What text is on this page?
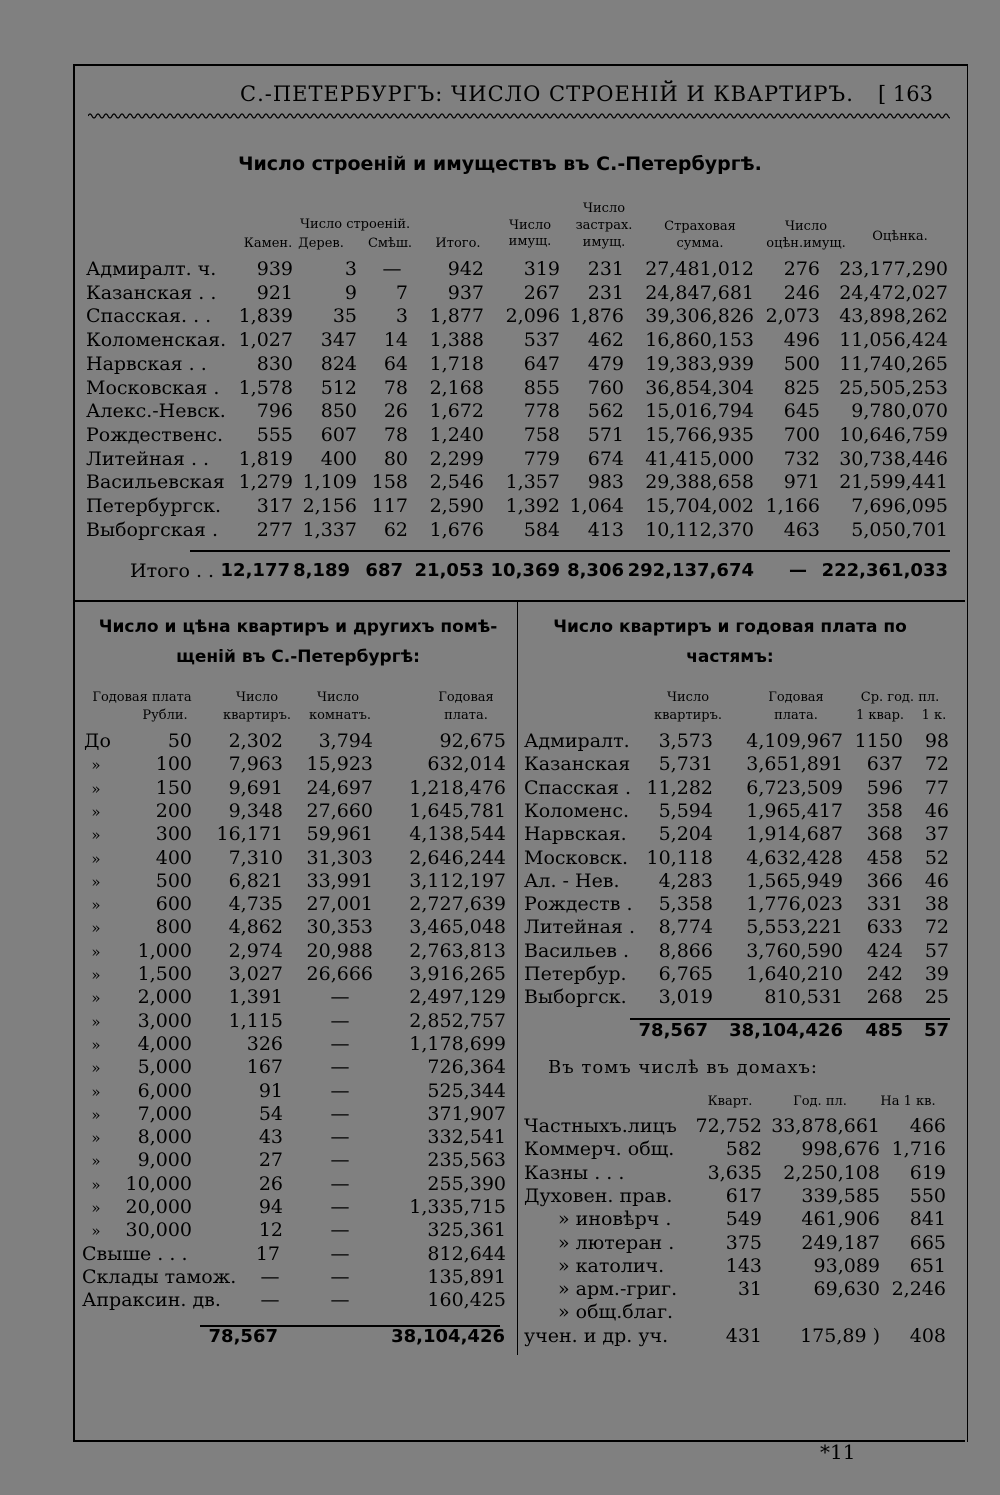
С.-ПЕТЕРБУРГЪ: ЧИСЛО СТРОЕНIЙ И КВАРТИРЪ. [ 163
Число строенiй и имуществъ въ С.-Петербургѣ.
Число строенiй.
Камен. Дерев.	Смѣш.	Итого.
Число имущ.
Число застрах. имущ.
Страховая сумма.
Число оцѣн.имущ.	Оцѣнка.
Адмиралт. ч.	939	3	—	942	319	231	27,481,012	276	23,177,290
Казанская . .	921	9	7	937	267	231	24,847,681	246	24,472,027
Спасская. . .	1,839	35	3	1,877	2,096 1,876	39,306,826 2,073	43,898,262
Коломенская. 1,027	347	14	1,388	537	462	16,860,153	496	11,056,424
Нарвская . .	830	824	64	1,718	647	479	19,383,939	500	11,740,265
Московская .	1,578	512	78	2,168	855	760	36,854,304	825	25,505,253
Алекс.-Невск.	796	850	26	1,672	778	562	15,016,794	645	9,780,070
Рождественс.	555	607	78	1,240	758	571	15,766,935	700	10,646,759
Литейная . .	1,819	400	80	2,299	779	674	41,415,000	732	30,738,446
Васильевская 1,279 1,109 158	2,546	1,357	983	29,388,658	971	21,599,441
Петербургск.	317 2,156 117	2,590	1,392 1,064	15,704,002 1,166	7,696,095
Выборгская .	277 1,337	62	1,676	584	413	10,112,370	463	5,050,701
Итого . . 12,177 8,189 687 21,053 10,369 8,306 292,137,674	— 222,361,033
Число и цѣна квартиръ и другихъ помѣ-
щенiй въ С.-Петербургѣ:
Число квартиръ и годовая плата по
частямъ:
Годовая плата
Рубли.
Число
квартиръ.
Число
комнатъ.
Годовая
плата.
До	50	2,302	3,794	92,675
»	100	7,963	15,923	632,014
»	150	9,691	24,697	1,218,476
»	200	9,348	27,660	1,645,781
»	300	16,171	59,961	4,138,544
»	400	7,310	31,303	2,646,244
»	500	6,821	33,991	3,112,197
»	600	4,735	27,001	2,727,639
»	800	4,862	30,353	3,465,048
»	1,000	2,974	20,988	2,763,813
»	1,500	3,027	26,666	3,916,265
»	2,000	1,391	—	2,497,129
»	3,000	1,115	—	2,852,757
»	4,000	326	—	1,178,699
»	5,000	167	—	726,364
»	6,000	91	—	525,344
»	7,000	54	—	371,907
»	8,000	43	—	332,541
»	9,000	27	—	235,563
»	10,000	26	—	255,390
»	20,000	94	—	1,335,715
»	30,000	12	—	325,361
Свыше . . .	17	—	812,644
Склады тамож. —	—	135,891
Апраксин. дв. —	—	160,425
78,567	38,104,426
Число
квартиръ.
Годовая
плата.
Ср. год. пл.
1 квар.	1 к.
Адмиралт.	3,573	4,109,967 1150	98
Казанская	5,731	3,651,891	637	72
Спасская . 11,282	6,723,509	596	77
Коломенс.	5,594	1,965,417	358	46
Нарвская.	5,204	1,914,687	368	37
Московск. 10,118	4,632,428	458	52
Ал. - Нев.	4,283	1,565,949	366	46
Рождеств .	5,358	1,776,023	331	38
Литейная .	8,774	5,553,221	633	72
Васильев .	8,866	3,760,590	424	57
Петербур.	6,765	1,640,210	242	39
Выборгск.	3,019	810,531	268	25
78,567	38,104,426	485	57
Въ томъ числѣ въ домахъ:
Кварт.	Год. пл.	На 1 кв.
Частныхъ.лицъ 72,752 33,878,661	466
Коммерч. общ.	582	998,676 1,716
Казны . . .	3,635	2,250,108	619
Духовен. прав.	617	339,585	550
» иновѣрч .	549	461,906	841
» лютеран .	375	249,187	665
» католич.	143	93,089	651
» арм.-григ.	31	69,630 2,246
» общ.благ.
учен. и др. уч.	431	175,89 )	408
*11
